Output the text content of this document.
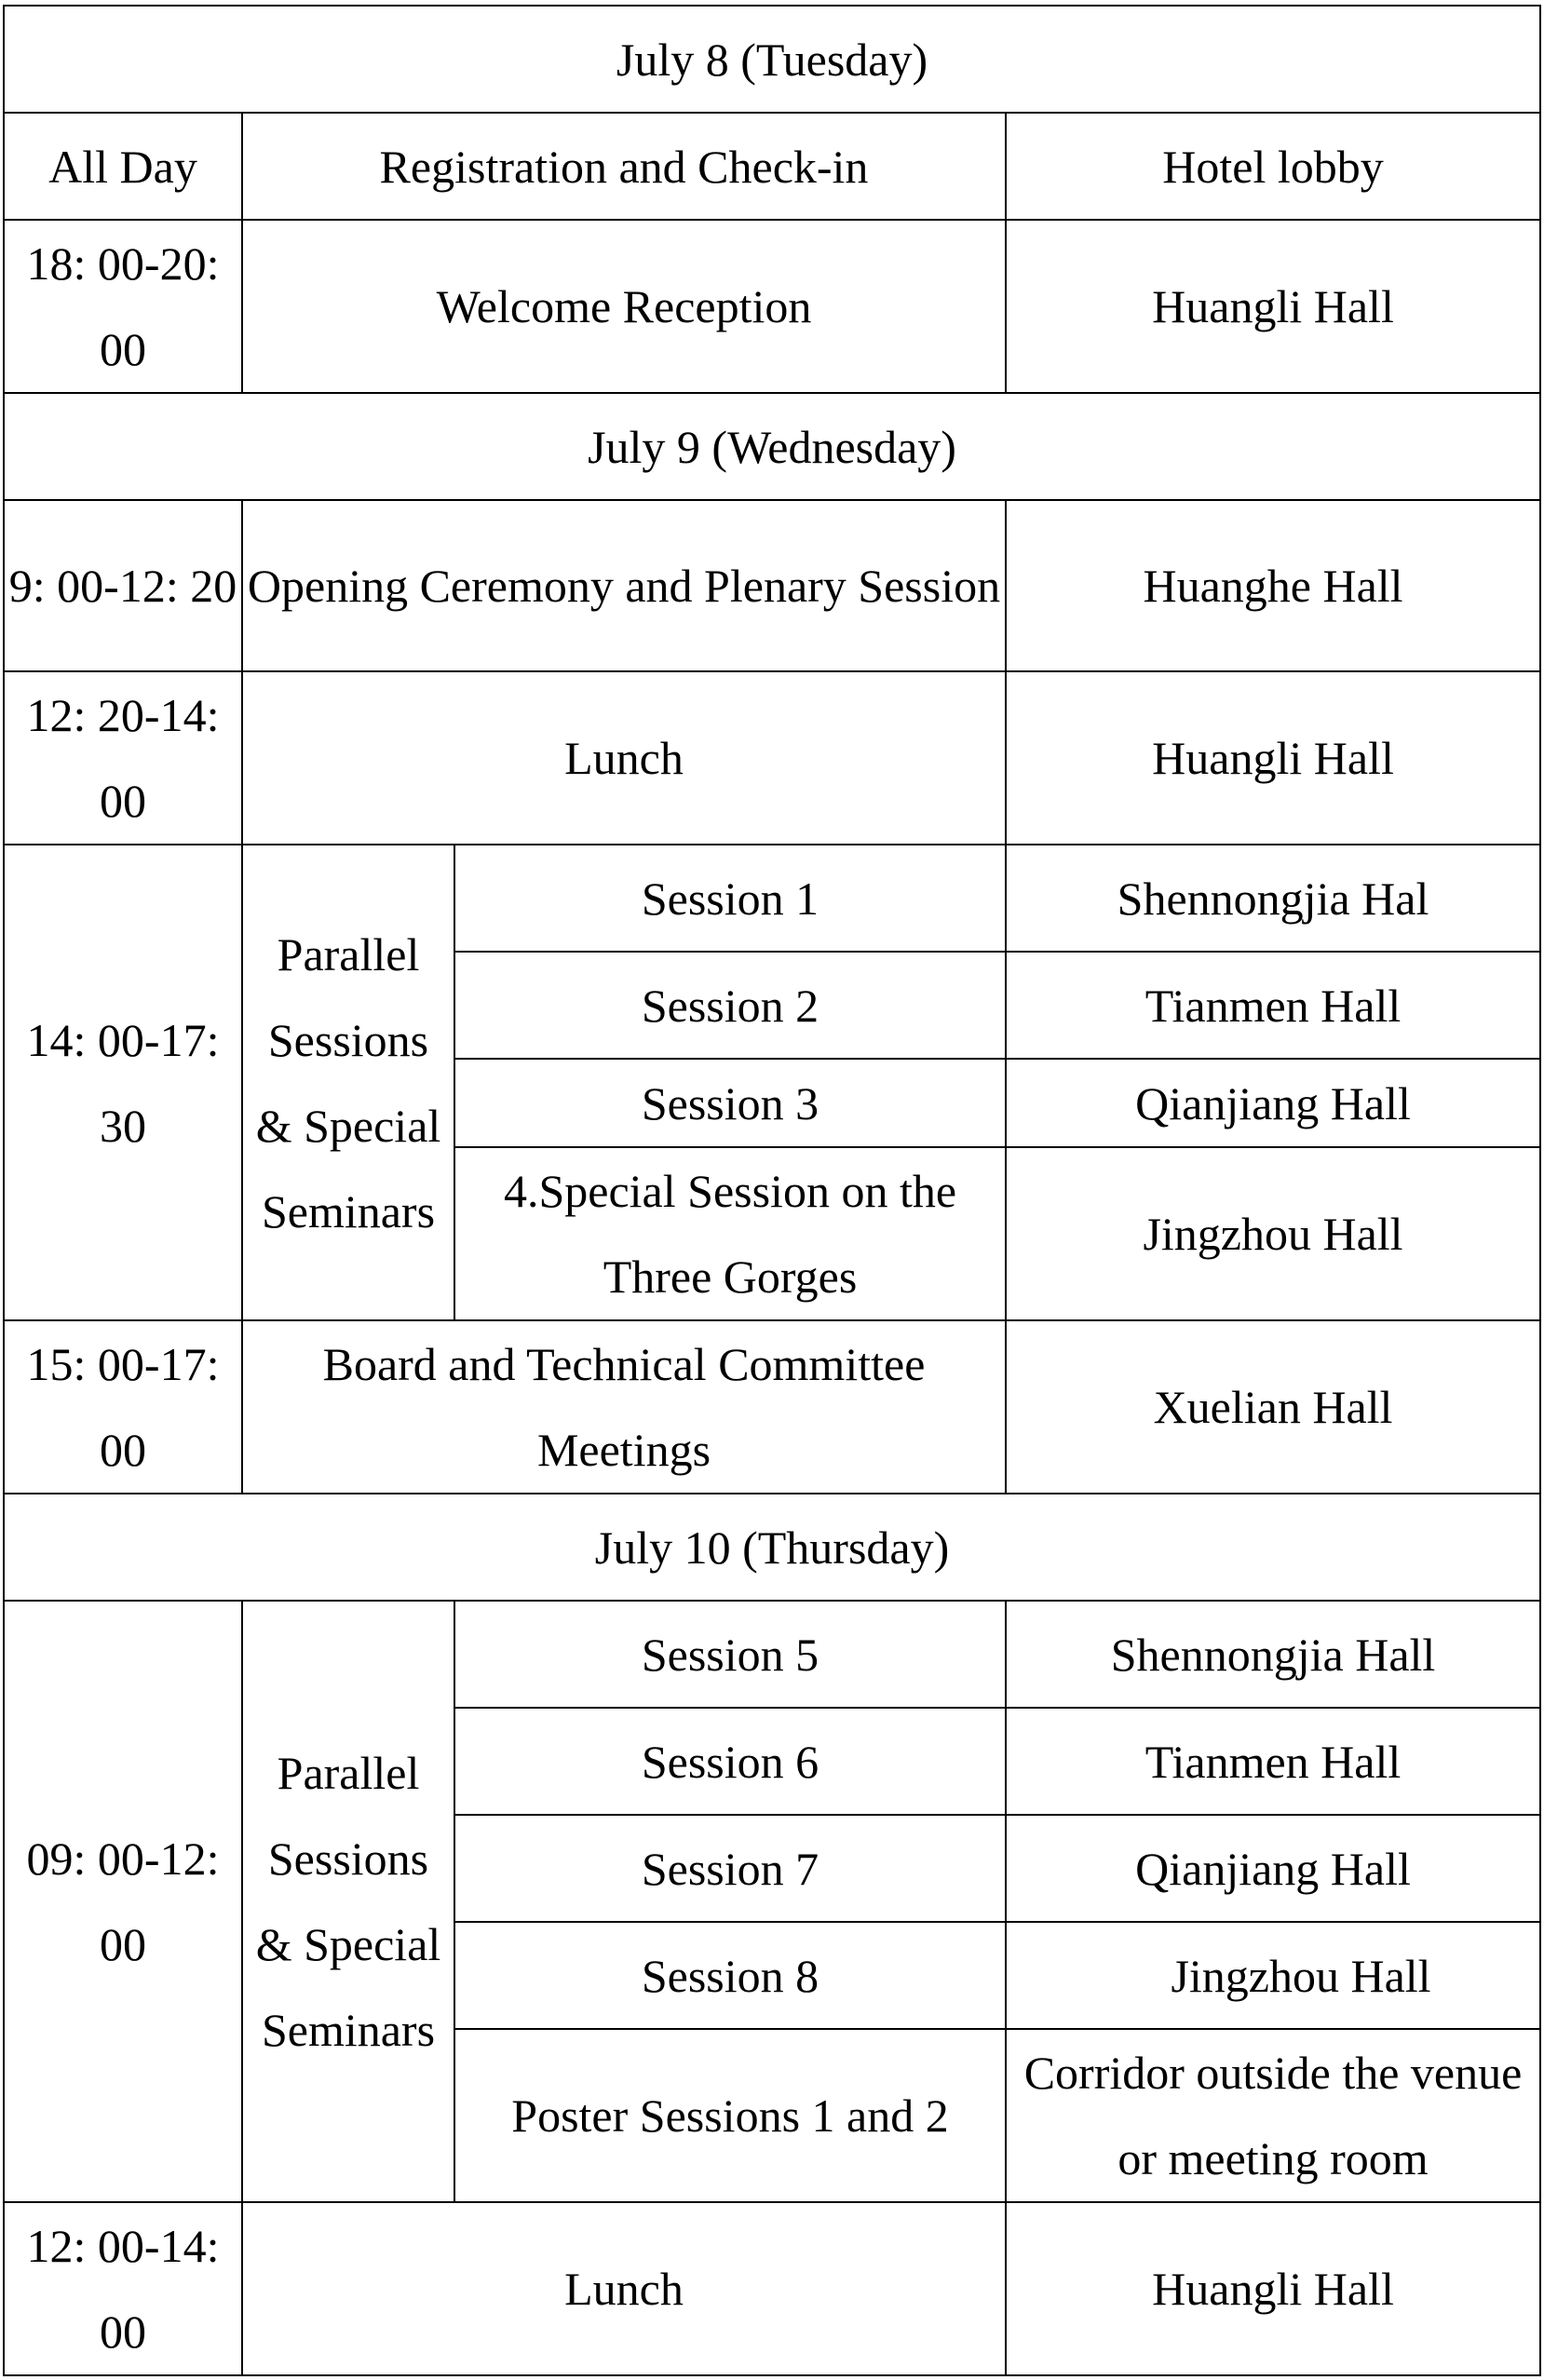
July 8 (Tuesday)			
All Day	Registration and Check-in		Hotel lobby
18: 00-20: 00	Welcome Reception		Huangli Hall
July 9 (Wednesday)			
9: 00-12: 20	Opening Ceremony and Plenary Session		Huanghe Hall
12: 20-14: 00	Lunch		Huangli Hall
14: 00-17: 30	Parallel Sessions & Special Seminars	Session 1	Shennongjia Hal
		Session 2	Tianmen Hall
		Session 3	Qianjiang Hall
		4.Special Session on the Three Gorges	Jingzhou Hall
15: 00-17: 00	Board and Technical Committee Meetings		Xuelian Hall
July 10 (Thursday)			
09: 00-12: 00	Parallel Sessions & Special Seminars	Session 5	Shennongjia Hall
		Session 6	Tianmen Hall
		Session 7	Qianjiang Hall
		Session 8	Jingzhou Hall
		Poster Sessions 1 and 2	Corridor outside the venue or meeting room
12: 00-14: 00	Lunch		Huangli Hall
